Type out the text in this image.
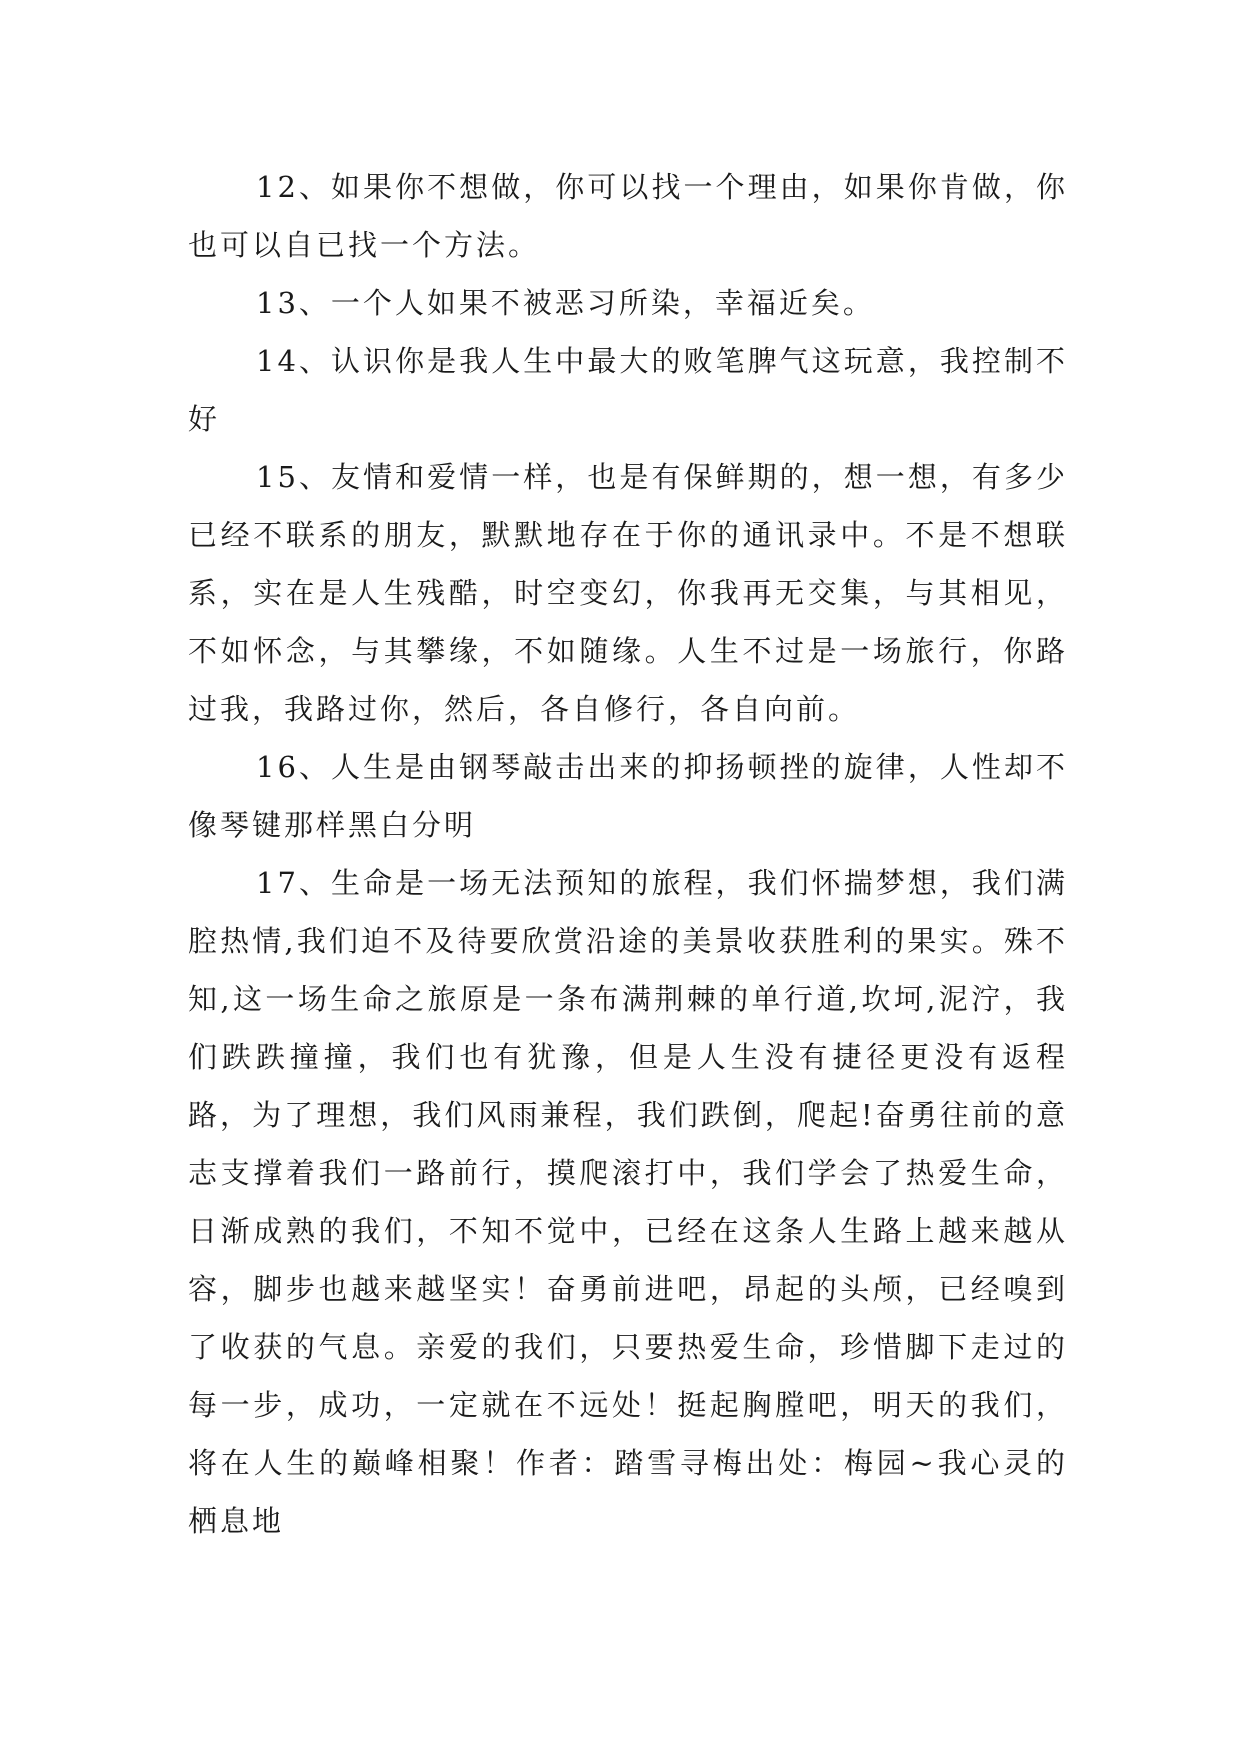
12、如果你不想做，你可以找一个理由，如果你肯做，你也可以自已找一个方法。

13、一个人如果不被恶习所染，幸福近矣。

14、认识你是我人生中最大的败笔脾气这玩意，我控制不好

15、友情和爱情一样，也是有保鲜期的，想一想，有多少已经不联系的朋友，默默地存在于你的通讯录中。不是不想联系，实在是人生残酷，时空变幻，你我再无交集，与其相见，不如怀念，与其攀缘，不如随缘。人生不过是一场旅行，你路过我，我路过你，然后，各自修行，各自向前。

16、人生是由钢琴敲击出来的抑扬顿挫的旋律，人性却不像琴键那样黑白分明

17、生命是一场无法预知的旅程，我们怀揣梦想，我们满腔热情,我们迫不及待要欣赏沿途的美景收获胜利的果实。殊不知,这一场生命之旅原是一条布满荆棘的单行道,坎坷,泥泞，我们跌跌撞撞，我们也有犹豫，但是人生没有捷径更没有返程路，为了理想，我们风雨兼程，我们跌倒，爬起!奋勇往前的意志支撑着我们一路前行，摸爬滚打中，我们学会了热爱生命，日渐成熟的我们，不知不觉中，已经在这条人生路上越来越从容，脚步也越来越坚实！奋勇前进吧，昂起的头颅，已经嗅到了收获的气息。亲爱的我们，只要热爱生命，珍惜脚下走过的每一步，成功，一定就在不远处！挺起胸膛吧，明天的我们，将在人生的巅峰相聚！作者：踏雪寻梅出处：梅园~我心灵的栖息地
